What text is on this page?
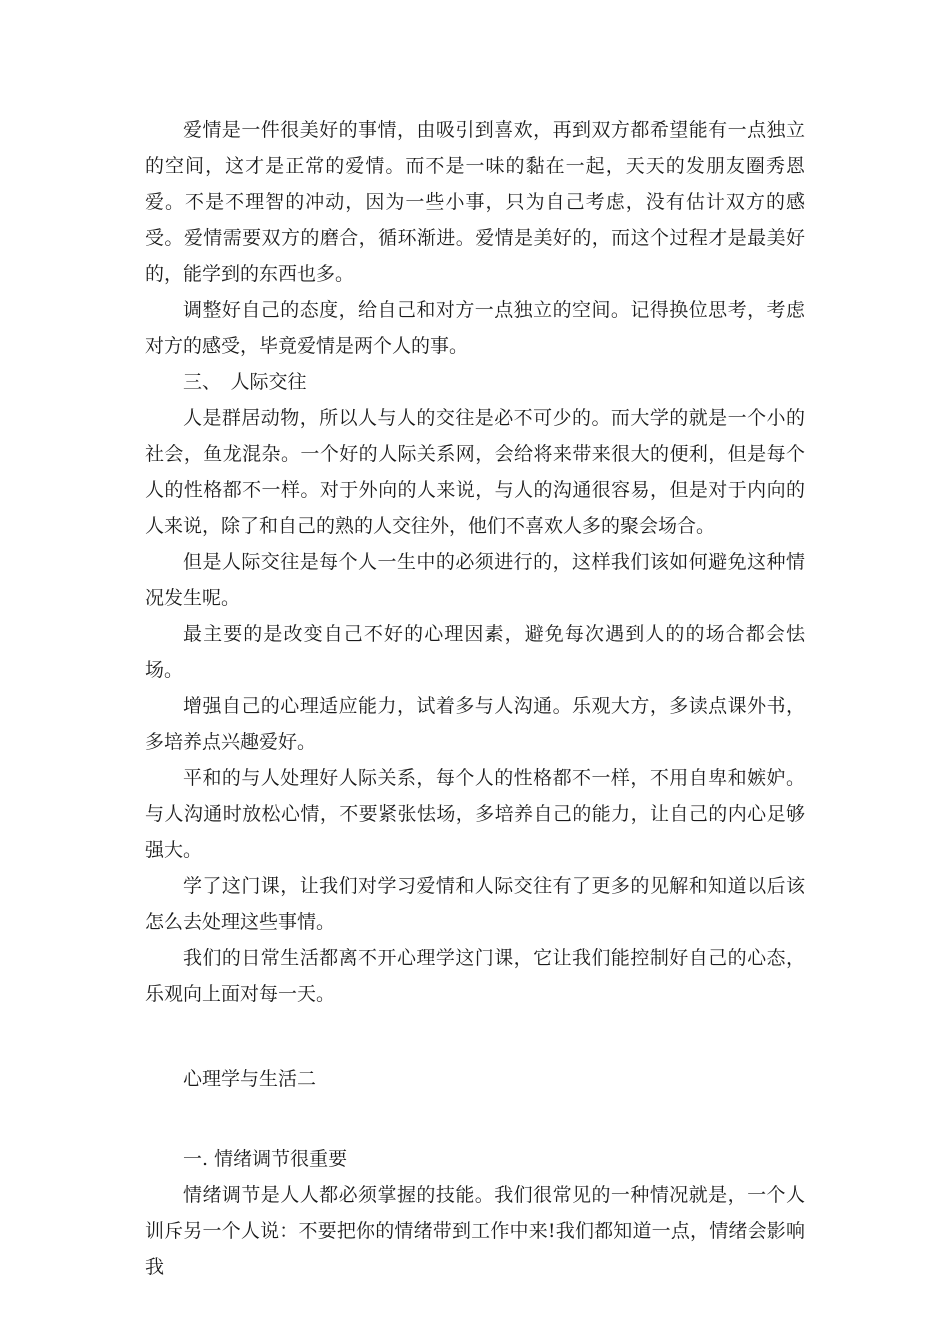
爱情是一件很美好的事情，由吸引到喜欢，再到双方都希望能有一点独立的空间，这才是正常的爱情。而不是一味的黏在一起，天天的发朋友圈秀恩爱。不是不理智的冲动，因为一些小事，只为自己考虑，没有估计双方的感受。爱情需要双方的磨合，循环渐进。爱情是美好的，而这个过程才是最美好的，能学到的东西也多。

调整好自己的态度，给自己和对方一点独立的空间。记得换位思考，考虑对方的感受，毕竟爱情是两个人的事。

三、　人际交往

人是群居动物，所以人与人的交往是必不可少的。而大学的就是一个小的社会，鱼龙混杂。一个好的人际关系网，会给将来带来很大的便利，但是每个人的性格都不一样。对于外向的人来说，与人的沟通很容易，但是对于内向的人来说，除了和自己的熟的人交往外，他们不喜欢人多的聚会场合。

但是人际交往是每个人一生中的必须进行的，这样我们该如何避免这种情况发生呢。

最主要的是改变自己不好的心理因素，避免每次遇到人的的场合都会怯场。

增强自己的心理适应能力，试着多与人沟通。乐观大方，多读点课外书，多培养点兴趣爱好。

平和的与人处理好人际关系，每个人的性格都不一样，不用自卑和嫉妒。与人沟通时放松心情，不要紧张怯场，多培养自己的能力，让自己的内心足够强大。

学了这门课，让我们对学习爱情和人际交往有了更多的见解和知道以后该怎么去处理这些事情。

我们的日常生活都离不开心理学这门课，它让我们能控制好自己的心态，乐观向上面对每一天。

心理学与生活二

一. 情绪调节很重要

情绪调节是人人都必须掌握的技能。我们很常见的一种情况就是，一个人训斥另一个人说：不要把你的情绪带到工作中来!我们都知道一点，情绪会影响我
